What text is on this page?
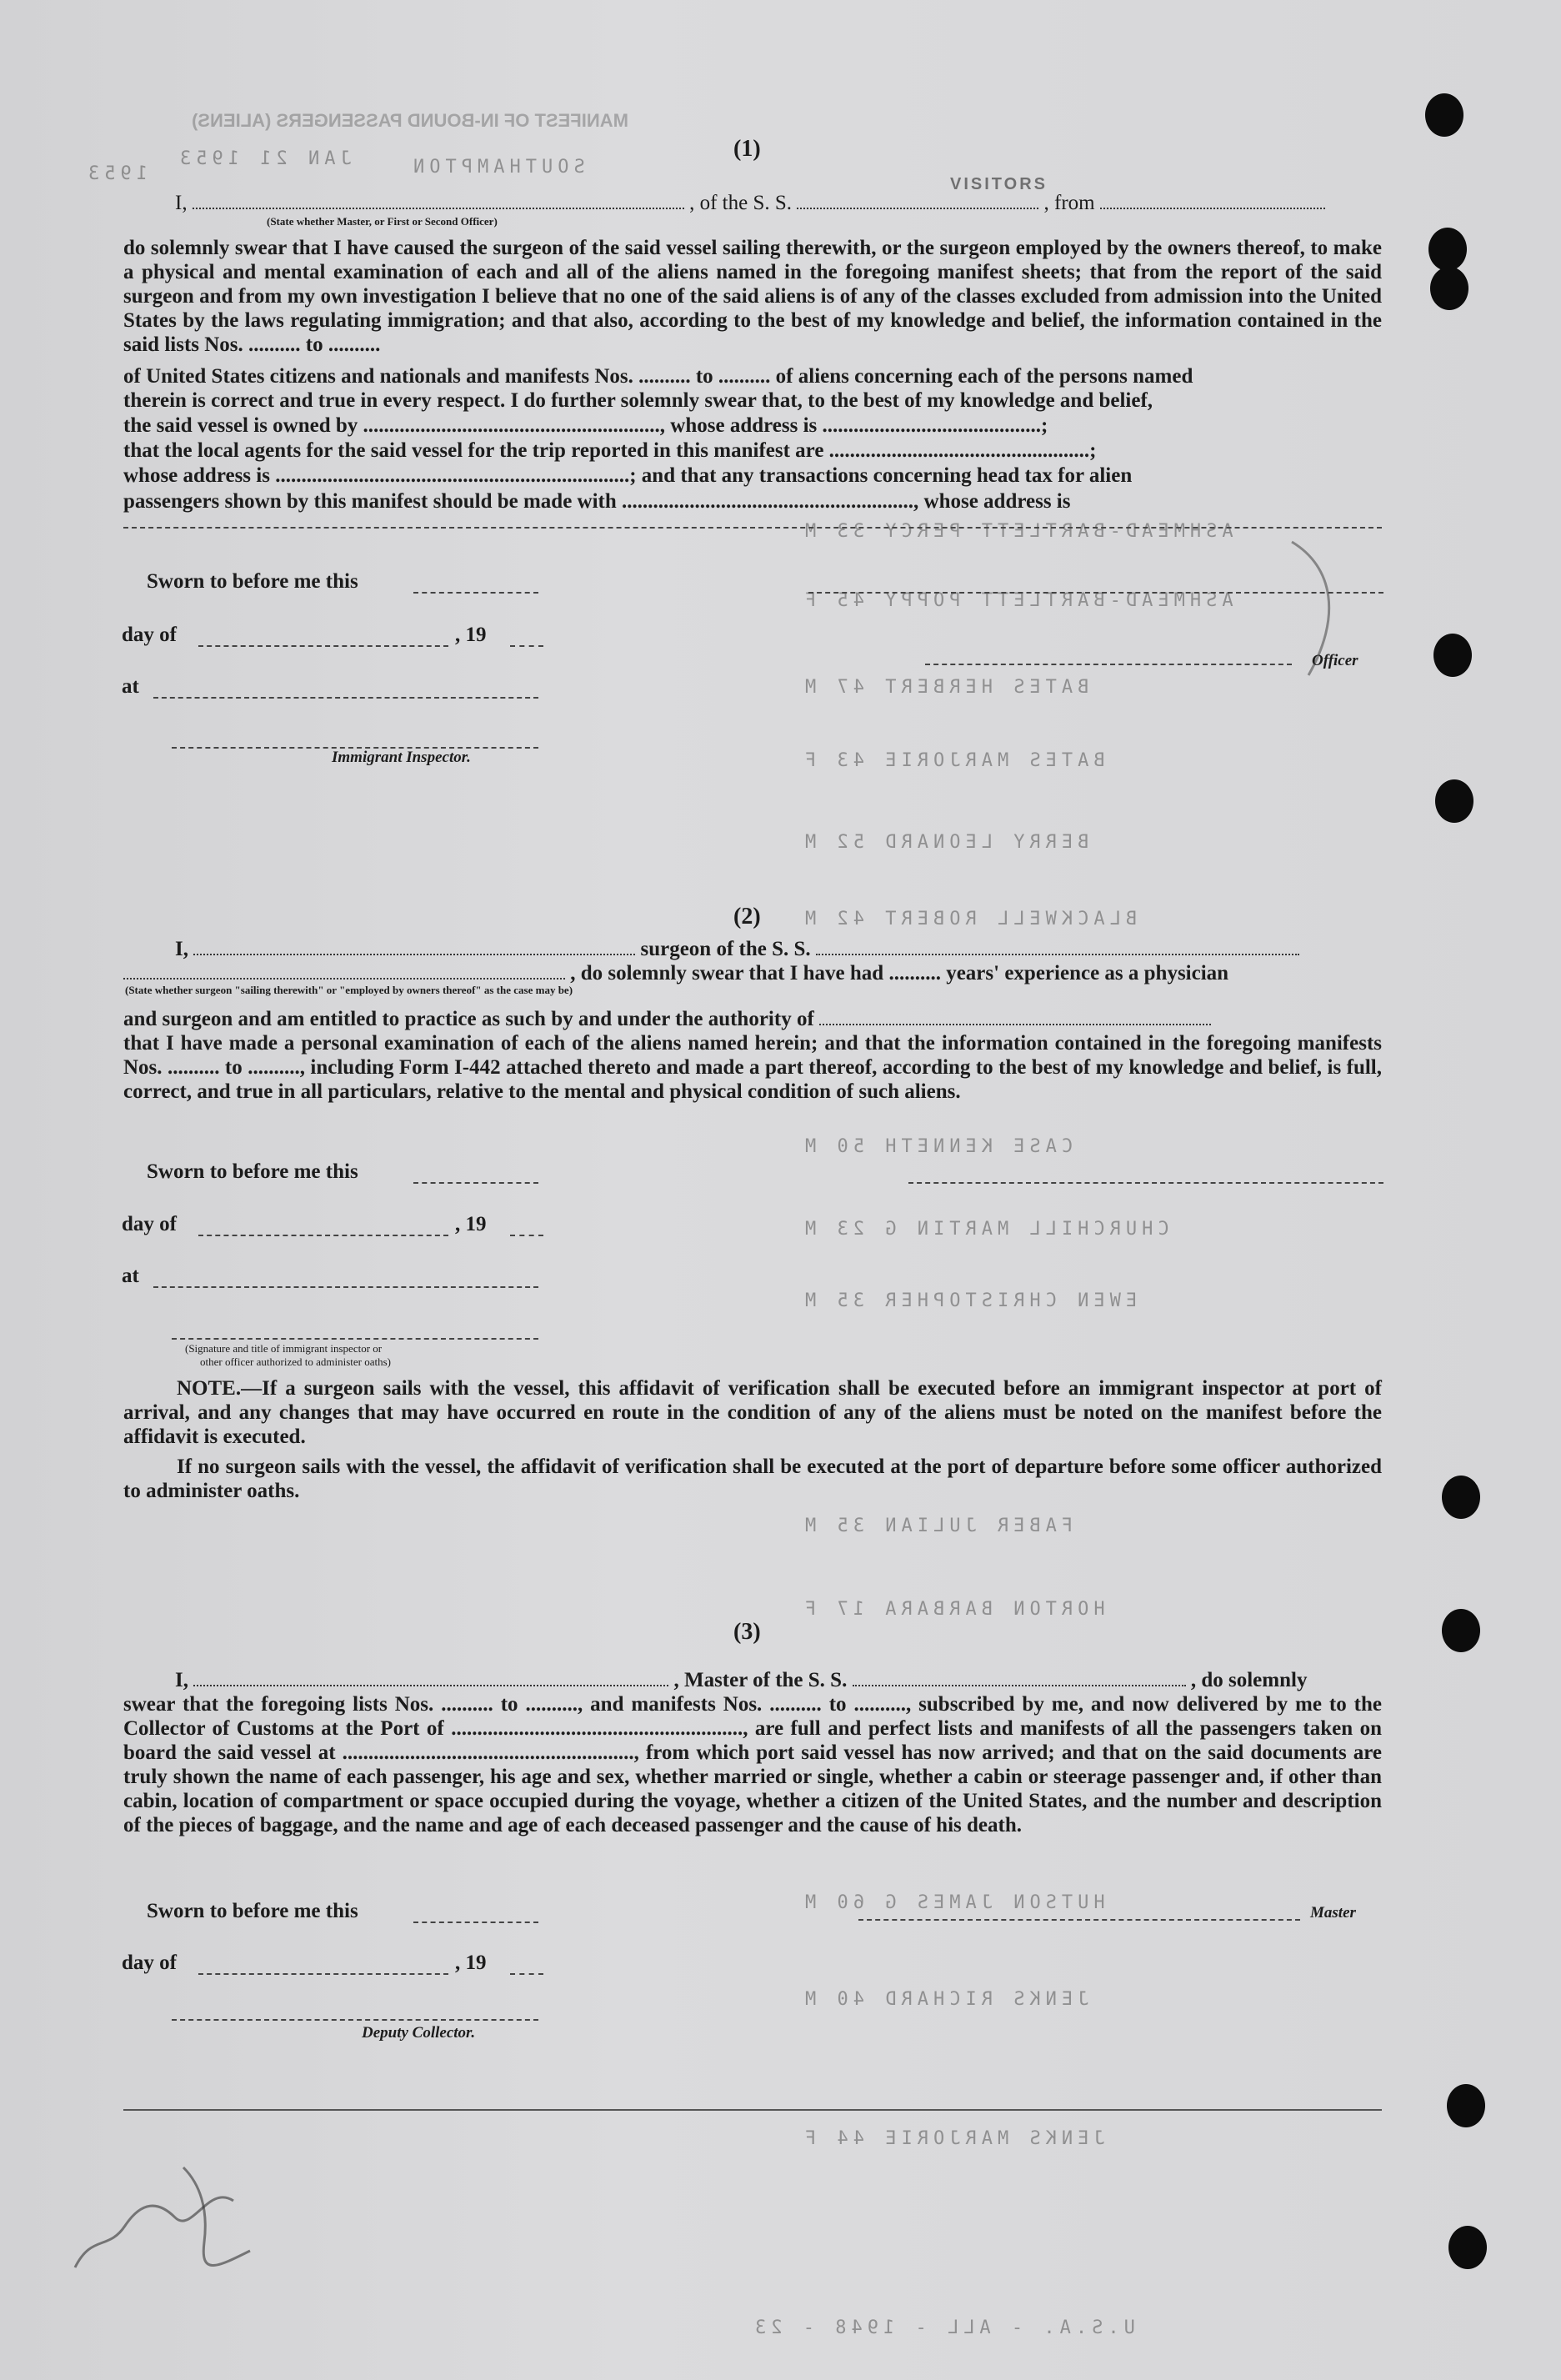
MANIFEST OF IN-BOUND PASSENGERS (ALIENS)
JAN 21 1953	SOUTHAMPTON
1953
ASHMEAD-BARTLETT PERCY 33 M
ASHMEAD-BARTLETT POPPY 45 F
BATES HERBERT 47 M
BATES MARJORIE 43 F
BERRY LEONARD 52 M
BLACKWELL ROBERT 42 M
CASE KENNETH 50 M
CHURCHILL MARTIN G 23 M
EWEN CHRISTOPHER 35 M
FABER JULIAN 35 M
HORTON BARBARA 17 F
HUTSON JAMES G 60 M
JENKS RICHARD 40 M
JENKS MARJORIE 44 F
(1)
I,	, of the S. S.	, from
VISITORS
(State whether Master, or First or Second Officer)
do solemnly swear that I have caused the surgeon of the said vessel sailing therewith, or the surgeon employed by the owners thereof, to make a physical and mental examination of each and all of the aliens named in the foregoing manifest sheets; that from the report of the said surgeon and from my own investigation I believe that no one of the said aliens is of any of the classes excluded from admission into the United States by the laws regulating immigration; and that also, according to the best of my knowledge and belief, the information contained in the said lists Nos. .......... to ..........
of United States citizens and nationals and manifests Nos. .......... to .......... of aliens concerning each of the persons named
therein is correct and true in every respect. I do further solemnly swear that, to the best of my knowledge and belief,
the said vessel is owned by ........................................................., whose address is ..........................................;
that the local agents for the said vessel for the trip reported in this manifest are ..................................................;
whose address is ....................................................................; and that any transactions concerning head tax for alien
passengers shown by this manifest should be made with ........................................................, whose address is
Sworn to before me this
day of	, 19
at
Officer
Immigrant Inspector.
(2)
I,	surgeon of the S. S.
, do solemnly swear that I have had .......... years' experience as a physician
(State whether surgeon "sailing therewith" or "employed by owners thereof" as the case may be)
and surgeon and am entitled to practice as such by and under the authority of
that I have made a personal examination of each of the aliens named herein; and that the information contained in the foregoing manifests Nos. .......... to .........., including Form I-442 attached thereto and made a part thereof, according to the best of my knowledge and belief, is full, correct, and true in all particulars, relative to the mental and physical condition of such aliens.
Sworn to before me this
day of	, 19
at
(Signature and title of immigrant inspector or
other officer authorized to administer oaths)
NOTE.—If a surgeon sails with the vessel, this affidavit of verification shall be executed before an immigrant inspector at port of arrival, and any changes that may have occurred en route in the condition of any of the aliens must be noted on the manifest before the affidavit is executed.
If no surgeon sails with the vessel, the affidavit of verification shall be executed at the port of departure before some officer authorized to administer oaths.
(3)
I,	, Master of the S. S.	, do solemnly
swear that the foregoing lists Nos. .......... to .........., and manifests Nos. .......... to .........., subscribed by me, and now delivered by me to the Collector of Customs at the Port of ........................................................, are full and perfect lists and manifests of all the passengers taken on board the said vessel at ........................................................, from which port said vessel has now arrived; and that on the said documents are truly shown the name of each passenger, his age and sex, whether married or single, whether a cabin or steerage passenger and, if other than cabin, location of compartment or space occupied during the voyage, whether a citizen of the United States, and the number and description of the pieces of baggage, and the name and age of each deceased passenger and the cause of his death.
Sworn to before me this
day of	, 19
Master
Deputy Collector.
U.S.A. - ALL - 1948 - 23
